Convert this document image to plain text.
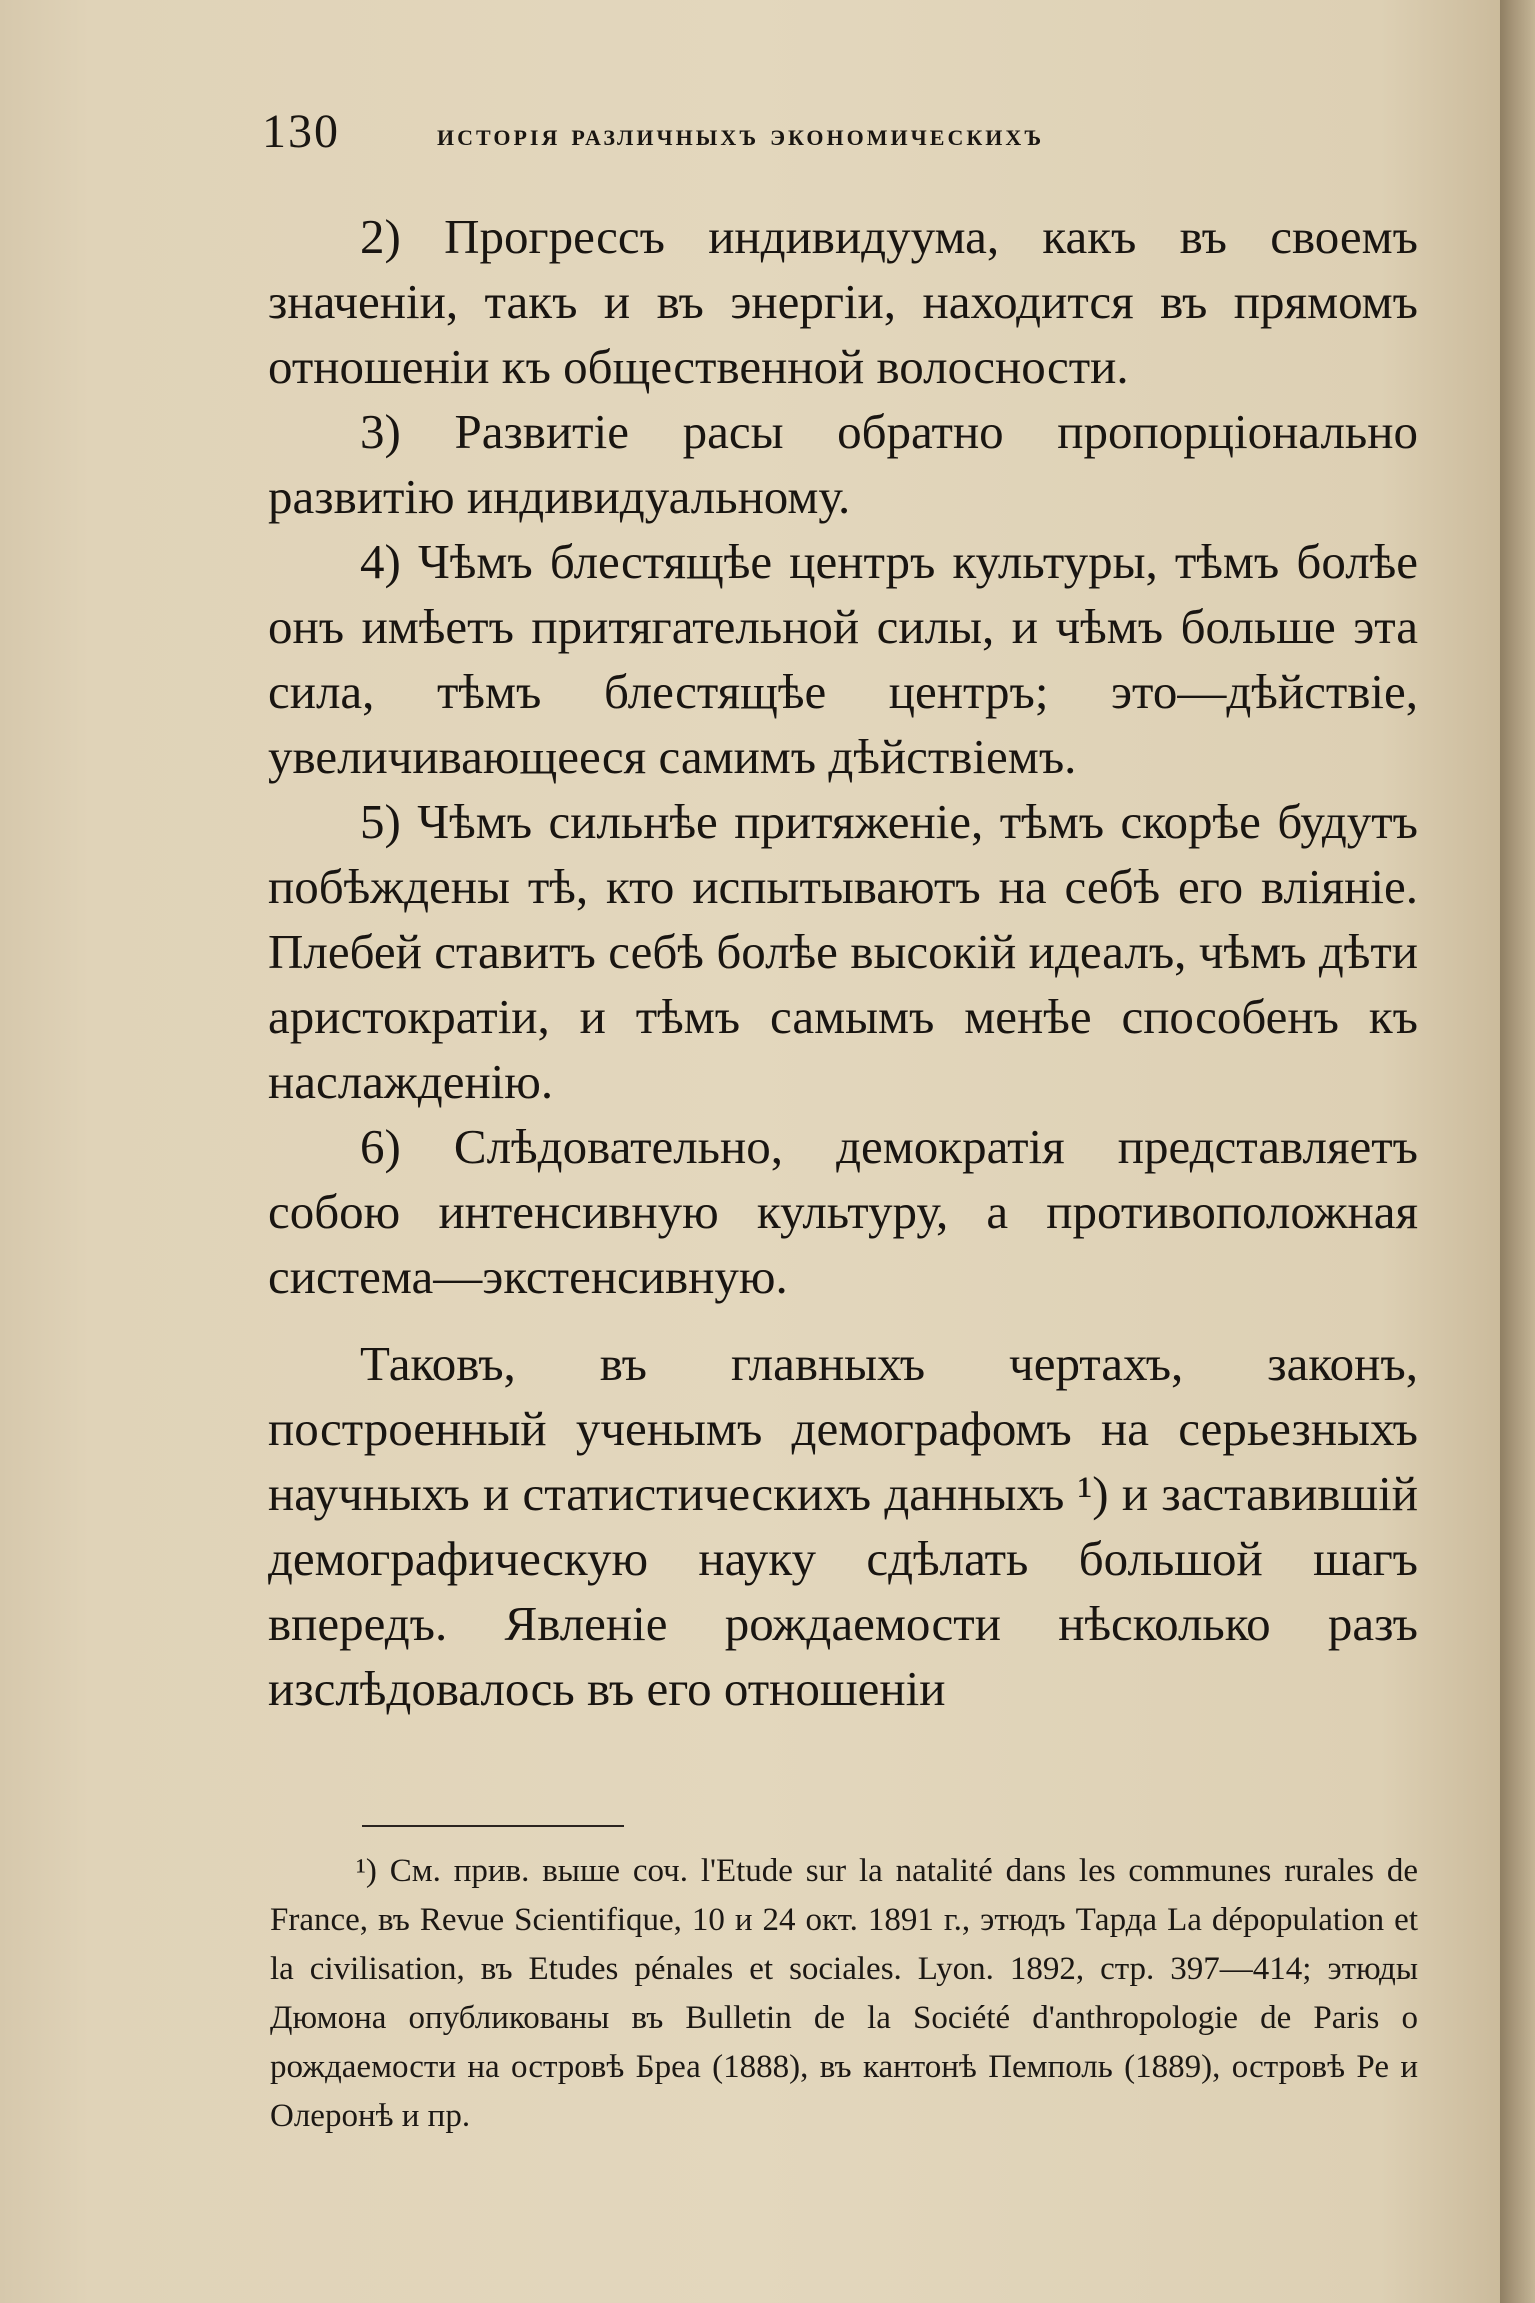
130	исторія различныхъ экономическихъ

2) Прогрессъ индивидуума, какъ въ своемъ значеніи, такъ и въ энергіи, находится въ прямомъ отношеніи къ общественной волосности.

3) Развитіе расы обратно пропорціонально развитію индивидуальному.

4) Чѣмъ блестящѣе центръ культуры, тѣмъ болѣе онъ имѣетъ притягательной силы, и чѣмъ больше эта сила, тѣмъ блестящѣе центръ; это—дѣйствіе, увеличивающееся самимъ дѣйствіемъ.

5) Чѣмъ сильнѣе притяженіе, тѣмъ скорѣе будутъ побѣждены тѣ, кто испытываютъ на себѣ его вліяніе. Плебей ставитъ себѣ болѣе высокій идеалъ, чѣмъ дѣти аристократіи, и тѣмъ самымъ менѣе способенъ къ наслажденію.

6) Слѣдовательно, демократія представляетъ собою интенсивную культуру, а противоположная система—экстенсивную.

Таковъ, въ главныхъ чертахъ, законъ, построенный ученымъ демографомъ на серьезныхъ научныхъ и статистическихъ данныхъ ¹) и заставившій демографическую науку сдѣлать большой шагъ впередъ. Явленіе рождаемости нѣсколько разъ изслѣдовалось въ его отношеніи

¹) См. прив. выше соч. l'Etude sur la natalité dans les communes rurales de France, въ Revue Scientifique, 10 и 24 окт. 1891 г., этюдъ Тарда La dépopulation et la civilisation, въ Etudes pénales et sociales. Lyon. 1892, стр. 397—414; этюды Дюмона опубликованы въ Bulletin de la Société d'anthropologie de Paris о рождаемости на островѣ Бреа (1888), въ кантонѣ Пемполь (1889), островѣ Ре и Олеронѣ и пр.
